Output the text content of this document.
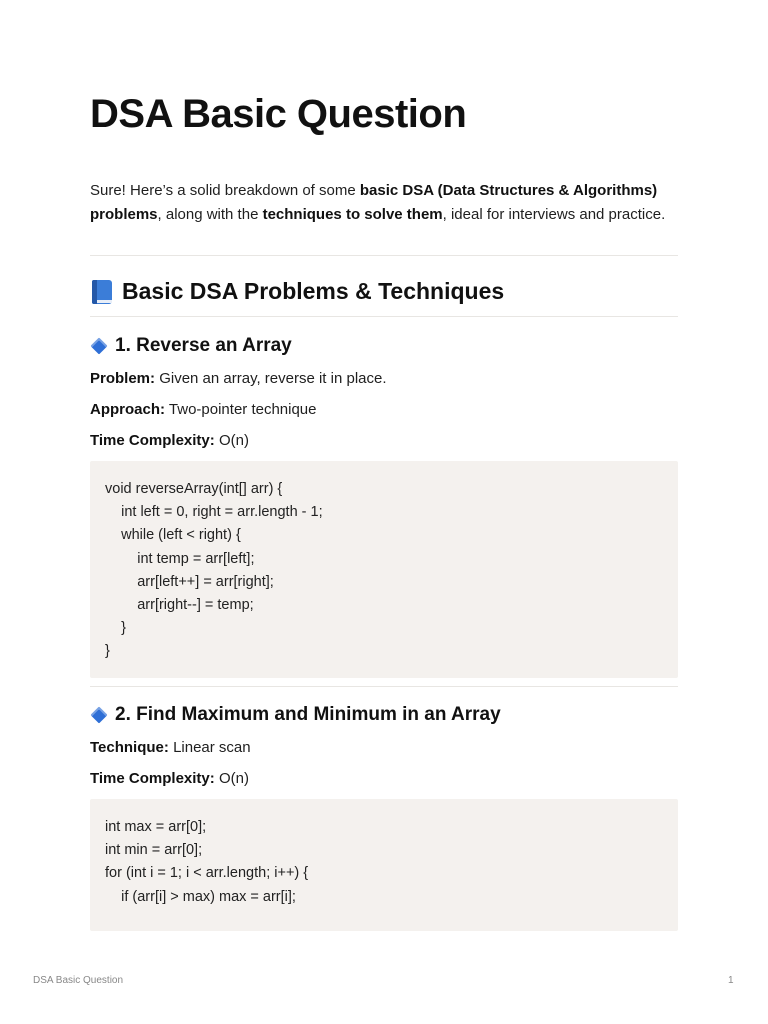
DSA Basic Question

Sure! Here’s a solid breakdown of some basic DSA (Data Structures & Algorithms) problems, along with the techniques to solve them, ideal for interviews and practice.

Basic DSA Problems & Techniques
1. Reverse an Array

Problem: Given an array, reverse it in place.

Approach: Two-pointer technique

Time Complexity: O(n)

void reverseArray(int[] arr) {
int left = 0, right = arr.length - 1;
while (left < right) {
int temp = arr[left];
arr[left++] = arr[right];
arr[right--] = temp;
}
}
2. Find Maximum and Minimum in an Array

Technique: Linear scan

Time Complexity: O(n)

int max = arr[0];
int min = arr[0];
for (int i = 1; i < arr.length; i++) {
if (arr[i] > max) max = arr[i];
DSA Basic Question	1
